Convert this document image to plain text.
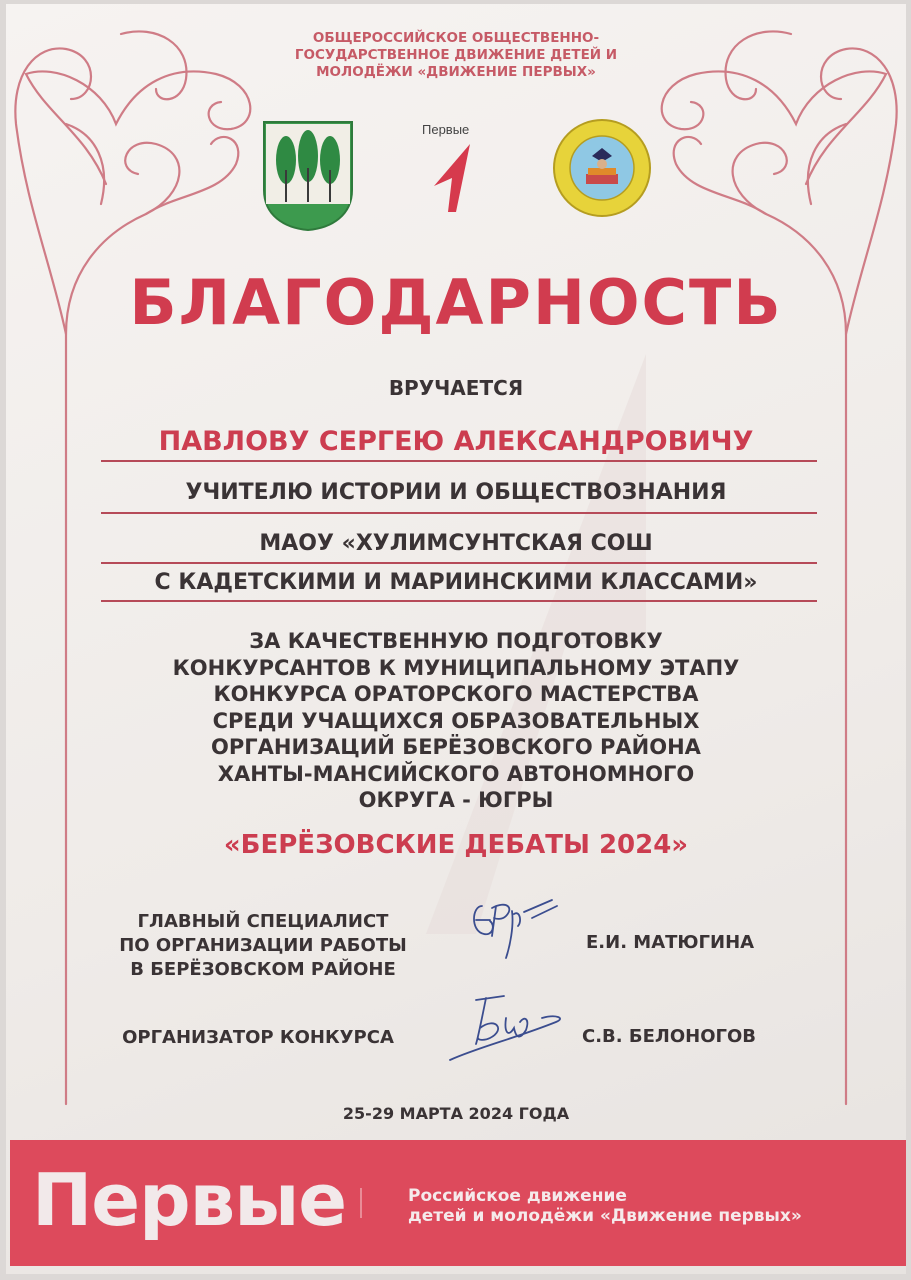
ОБЩЕРОССИЙСКОЕ ОБЩЕСТВЕННО-
ГОСУДАРСТВЕННОЕ ДВИЖЕНИЕ ДЕТЕЙ И
МОЛОДЁЖИ «ДВИЖЕНИЕ ПЕРВЫХ»
Первые
БЛАГОДАРНОСТЬ
ВРУЧАЕТСЯ
ПАВЛОВУ СЕРГЕЮ АЛЕКСАНДРОВИЧУ
УЧИТЕЛЮ ИСТОРИИ И ОБЩЕСТВОЗНАНИЯ
МАОУ «ХУЛИМСУНТСКАЯ СОШ
С КАДЕТСКИМИ И МАРИИНСКИМИ КЛАССАМИ»
ЗА КАЧЕСТВЕННУЮ ПОДГОТОВКУ
КОНКУРСАНТОВ К МУНИЦИПАЛЬНОМУ ЭТАПУ
КОНКУРСА ОРАТОРСКОГО МАСТЕРСТВА
СРЕДИ УЧАЩИХСЯ ОБРАЗОВАТЕЛЬНЫХ
ОРГАНИЗАЦИЙ БЕРЁЗОВСКОГО РАЙОНА
ХАНТЫ-МАНСИЙСКОГО АВТОНОМНОГО
ОКРУГА - ЮГРЫ
«БЕРЁЗОВСКИЕ ДЕБАТЫ 2024»
ГЛАВНЫЙ СПЕЦИАЛИСТ
ПО ОРГАНИЗАЦИИ РАБОТЫ
В БЕРЁЗОВСКОМ РАЙОНЕ
Е.И. МАТЮГИНА
ОРГАНИЗАТОР КОНКУРСА	С.В. БЕЛОНОГОВ
25-29 МАРТА 2024 ГОДА
Первые	Российское движение
детей и молодёжи «Движение первых»
